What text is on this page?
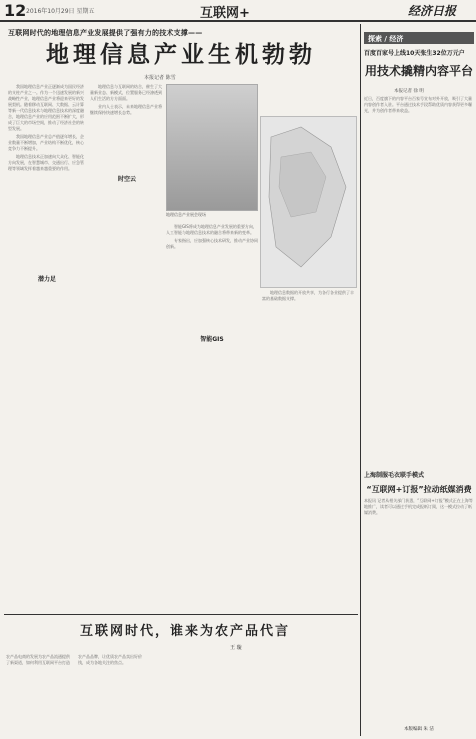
12 2016年10月29日 星期五	互联网+	经济日报
互联网时代的地理信息产业发展提供了强有力的技术支撑——
地理信息产业生机勃勃
本报记者 陈雪

我国地理信息产业正逐渐成为国民经济的支柱产业之一。作为一个迅速发展的新兴战略性产业，地理信息产业将迎来更好的发展契机。随着移动互联网、大数据、云计算等新一代信息技术与地理信息技术的深度融合，地理信息产业的应用范围不断扩大，形成了巨大的市场空间，推动了经济社会的转型发展。

我国地理信息产业总产值逐年增长，企业数量不断增加，产业结构不断优化，核心竞争力不断提升。

地理信息技术正加速向大众化、智能化方向发展，在智慧城市、交通出行、应急管理等领域发挥着越来越重要的作用。

潜力足

地理信息与互联网的结合，催生了大量新业态、新模式，位置服务已经渗透到人们生活的方方面面。

业内人士表示，未来地理信息产业将继续保持快速增长态势。

时空云
地理信息产业展会现场

智能GIS将成为地理信息产业发展的重要方向，人工智能与地理信息技术的融合将带来新的变革。

专家指出，应加强核心技术研发，推动产业协同创新。

智能GIS

地理信息数据的开放共享，为各行各业提供了丰富的基础数据支撑。

互联网时代，谁来为农产品代言
王 璇
农产品电商的发展为农产品流通提供了新渠道，如何利用互联网平台打造农产品品牌，让优质农产品卖出好价钱，成为各地关注的焦点。
探索 / 经济
百度百家号上线10天张生32位万元户
用技术撬精内容平台
本报记者 徐 明
近日，百度旗下的内容平台百家号宣布对外开放，吸引了大量内容创作者入驻。平台通过技术手段帮助优质内容获得更多曝光，并为创作者带来收益。
上海制服毛衣联手模式
“互联网+订报”拉动纸媒消费
本报讯 记者从相关部门获悉，“互联网+订报”模式正在上海等地推广，读者可以通过手机完成报纸订阅，这一模式拉动了纸媒消费。
本版编辑 朱 洁
